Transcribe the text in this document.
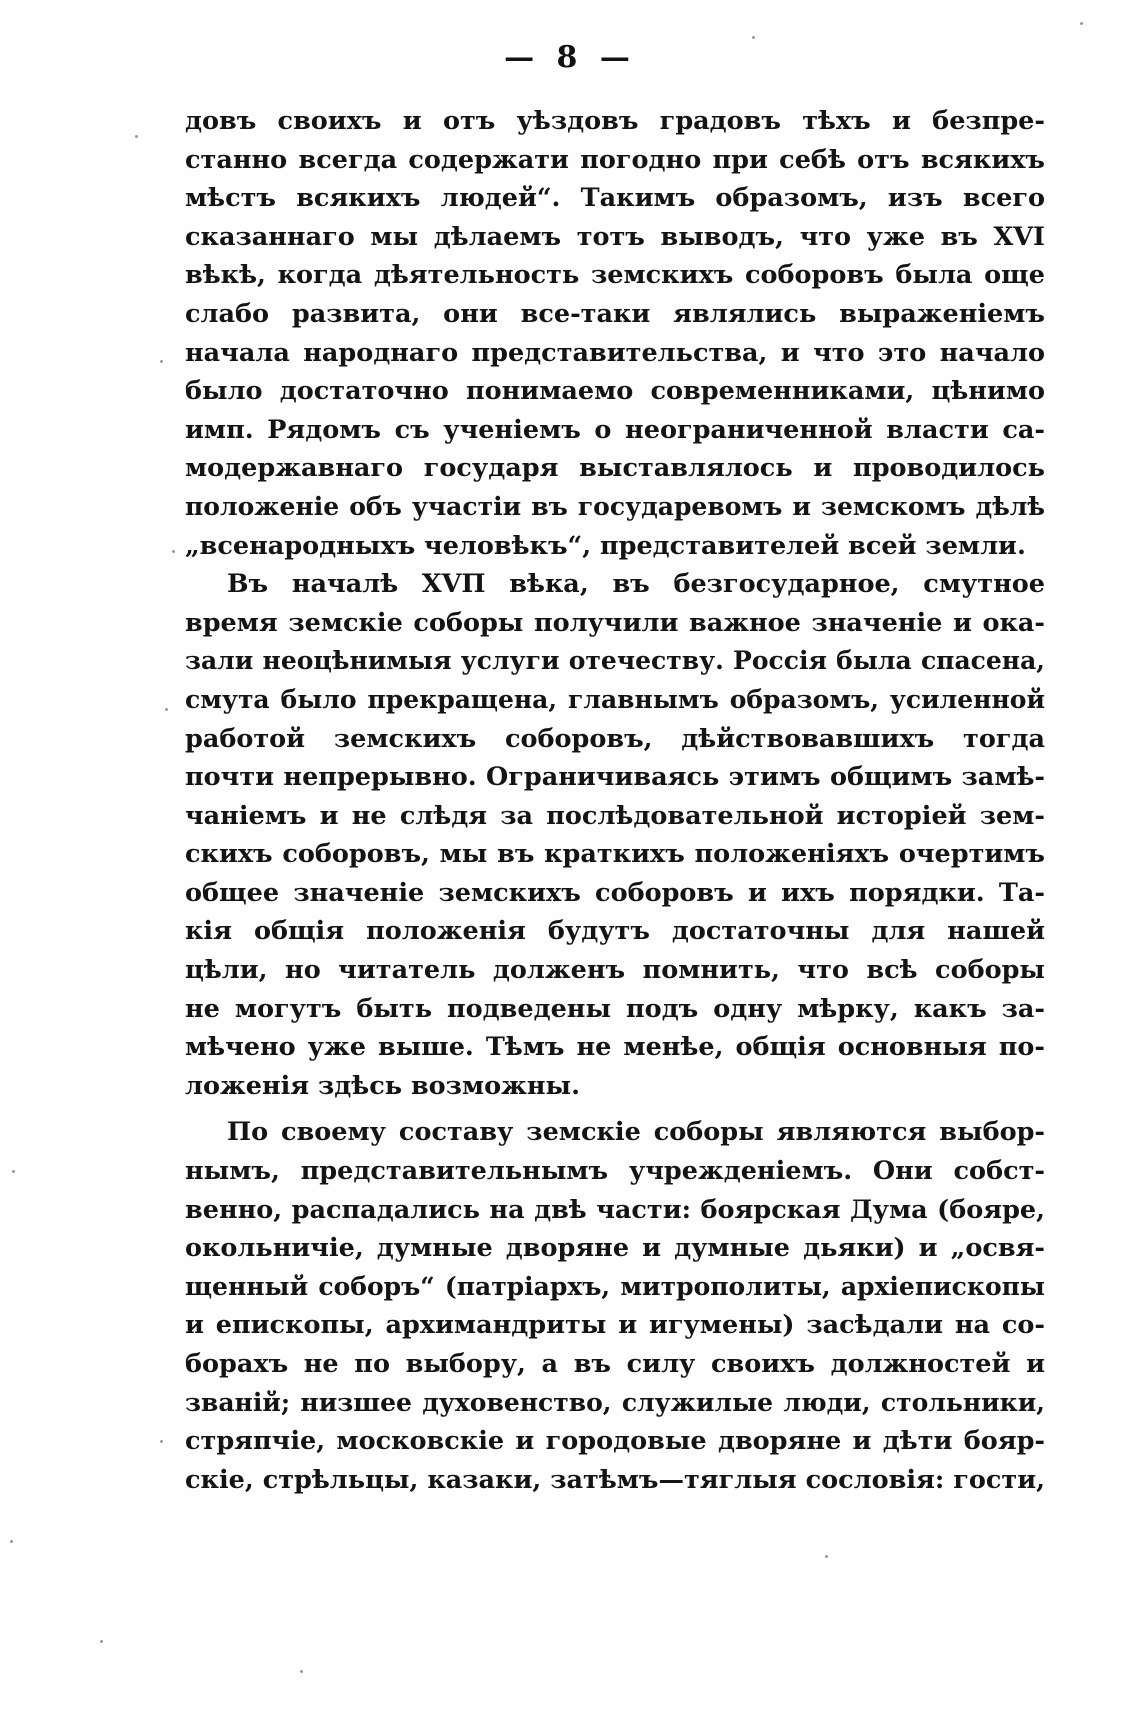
— 8 —

довъ своихъ и отъ уѣздовъ градовъ тѣхъ и безпре-
станно всегда содержати погодно при себѣ отъ всякихъ
мѣстъ всякихъ людей“. Такимъ образомъ, изъ всего
сказаннаго мы дѣлаемъ тотъ выводъ, что уже въ XVI
вѣкѣ, когда дѣятельность земскихъ соборовъ была още
слабо развита, они все-таки являлись выраженіемъ
начала народнаго представительства, и что это начало
было достаточно понимаемо современниками, цѣнимо
имп. Рядомъ съ ученіемъ о неограниченной власти са-
модержавнаго государя выставлялось и проводилось
положеніе объ участіи въ государевомъ и земскомъ дѣлѣ
„всенародныхъ человѣкъ“, представителей всей земли.

Въ началѣ XVП вѣка, въ безгосударное, смутное
время земскіе соборы получили важное значеніе и ока-
зали неоцѣнимыя услуги отечеству. Россія была спасена,
смута было прекращена, главнымъ образомъ, усиленной
работой земскихъ соборовъ, дѣйствовавшихъ тогда
почти непрерывно. Ограничиваясь этимъ общимъ замѣ-
чаніемъ и не слѣдя за послѣдовательной исторіей зем-
скихъ соборовъ, мы въ краткихъ положеніяхъ очертимъ
общее значеніе земскихъ соборовъ и ихъ порядки. Та-
кія общія положенія будутъ достаточны для нашей
цѣли, но читатель долженъ помнить, что всѣ соборы
не могутъ быть подведены подъ одну мѣрку, какъ за-
мѣчено уже выше. Тѣмъ не менѣе, общія основныя по-
ложенія здѣсь возможны.

По своему составу земскіе соборы являются выбор-
нымъ, представительнымъ учрежденіемъ. Они собст-
венно, распадались на двѣ части: боярская Дума (бояре,
окольничіе, думные дворяне и думные дьяки) и „освя-
щенный соборъ“ (патріархъ, митрополиты, архіепископы
и епископы, архимандриты и игумены) засѣдали на со-
борахъ не по выбору, а въ силу своихъ должностей и
званій; низшее духовенство, служилые люди, стольники,
стряпчіе, московскіе и городовые дворяне и дѣти бояр-
скіе, стрѣльцы, казаки, затѣмъ—тяглыя сословія: гости,
